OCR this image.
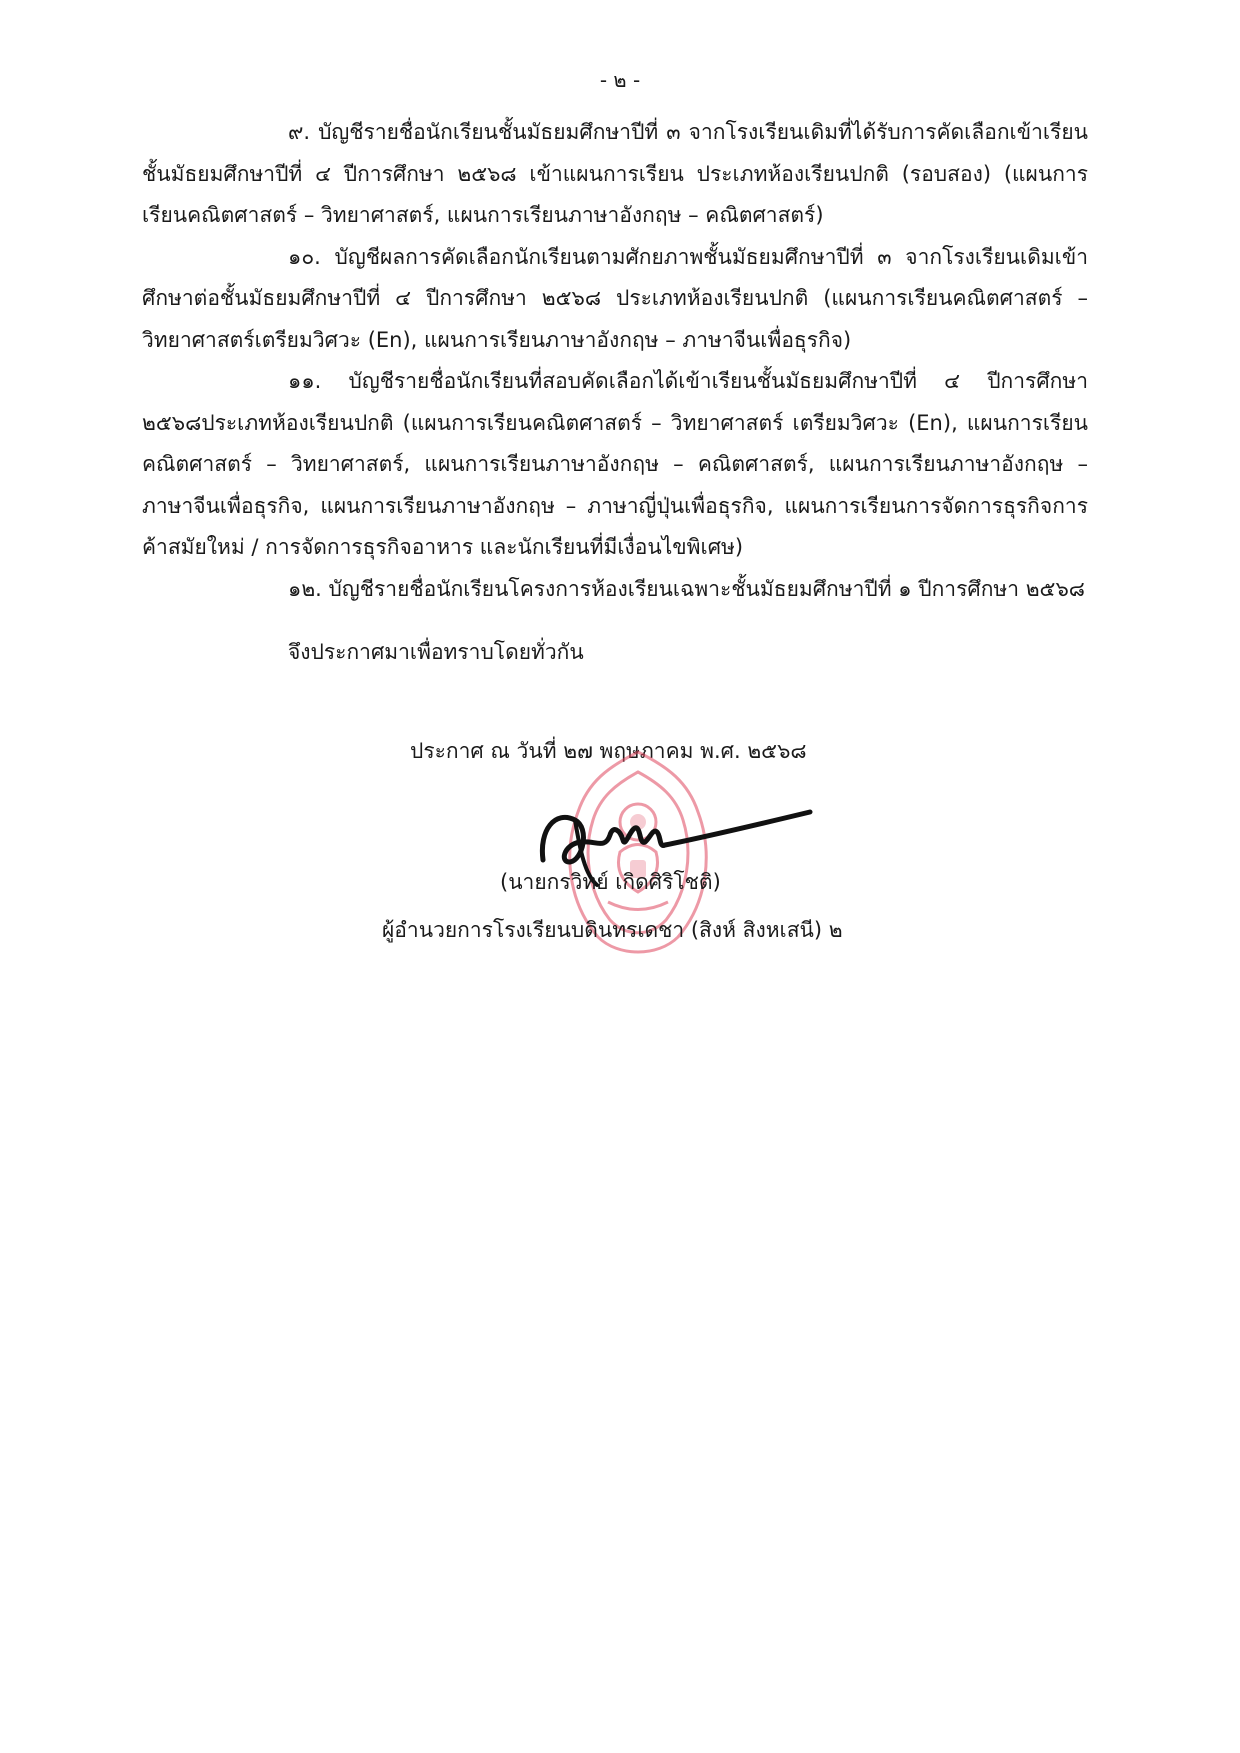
- ๒ -

๙. บัญชีรายชื่อนักเรียนชั้นมัธยมศึกษาปีที่ ๓ จากโรงเรียนเดิมที่ได้รับการคัดเลือกเข้าเรียนชั้นมัธยมศึกษาปีที่ ๔ ปีการศึกษา ๒๕๖๘ เข้าแผนการเรียน ประเภทห้องเรียนปกติ (รอบสอง) (แผนการเรียนคณิตศาสตร์ – วิทยาศาสตร์, แผนการเรียนภาษาอังกฤษ – คณิตศาสตร์)

๑๐. บัญชีผลการคัดเลือกนักเรียนตามศักยภาพชั้นมัธยมศึกษาปีที่ ๓ จากโรงเรียนเดิมเข้าศึกษาต่อชั้นมัธยมศึกษาปีที่ ๔ ปีการศึกษา ๒๕๖๘ ประเภทห้องเรียนปกติ (แผนการเรียนคณิตศาสตร์ – วิทยาศาสตร์เตรียมวิศวะ (En), แผนการเรียนภาษาอังกฤษ – ภาษาจีนเพื่อธุรกิจ)

๑๑. บัญชีรายชื่อนักเรียนที่สอบคัดเลือกได้เข้าเรียนชั้นมัธยมศึกษาปีที่ ๔ ปีการศึกษา ๒๕๖๘ประเภทห้องเรียนปกติ (แผนการเรียนคณิตศาสตร์ – วิทยาศาสตร์ เตรียมวิศวะ (En), แผนการเรียนคณิตศาสตร์ – วิทยาศาสตร์, แผนการเรียนภาษาอังกฤษ – คณิตศาสตร์, แผนการเรียนภาษาอังกฤษ – ภาษาจีนเพื่อธุรกิจ, แผนการเรียนภาษาอังกฤษ – ภาษาญี่ปุ่นเพื่อธุรกิจ, แผนการเรียนการจัดการธุรกิจการค้าสมัยใหม่ / การจัดการธุรกิจอาหาร และนักเรียนที่มีเงื่อนไขพิเศษ)

๑๒. บัญชีรายชื่อนักเรียนโครงการห้องเรียนเฉพาะชั้นมัธยมศึกษาปีที่ ๑ ปีการศึกษา ๒๕๖๘

จึงประกาศมาเพื่อทราบโดยทั่วกัน

ประกาศ ณ วันที่ ๒๗ พฤษภาคม พ.ศ. ๒๕๖๘
(นายกรวิทย์ เกิดศิริโชติ)
ผู้อำนวยการโรงเรียนบดินทรเดชา (สิงห์ สิงหเสนี) ๒
